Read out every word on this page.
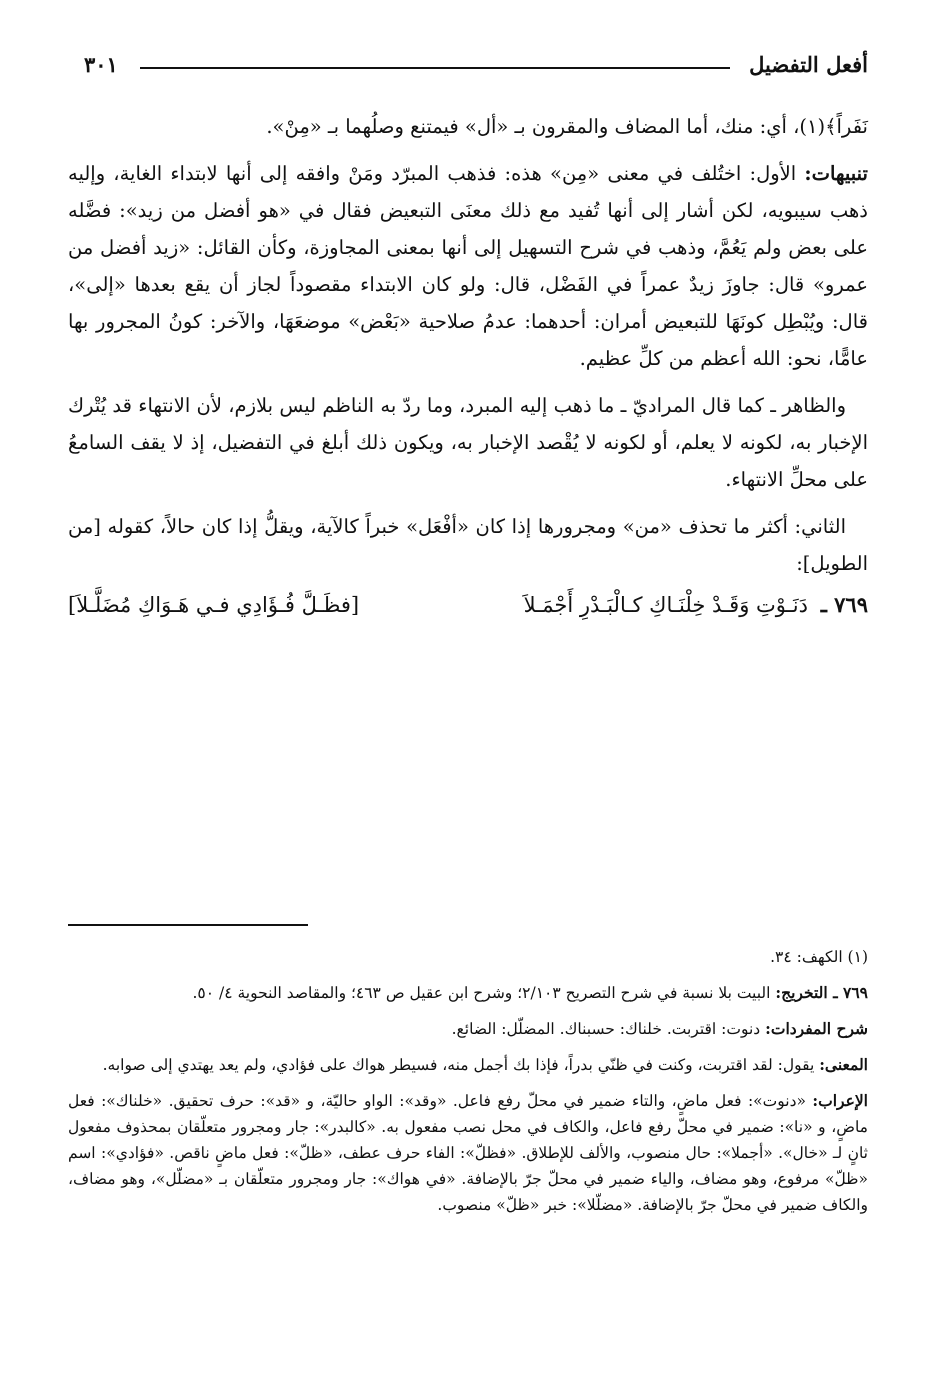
أفعل التفضيل
٣٠١

نَفَراً﴾(١)، أي: منك، أما المضاف والمقرون بـ «أل» فيمتنع وصلُهما بـ «مِنْ».

تنبيهات: الأول: اختُلف في معنى «مِن» هذه: فذهب المبرّد ومَنْ وافقه إلى أنها لابتداء الغاية، وإليه ذهب سيبويه، لكن أشار إلى أنها تُفيد مع ذلك معنَى التبعيض فقال في «هو أفضل من زيد»: فضَّله على بعض ولم يَعُمَّ، وذهب في شرح التسهيل إلى أنها بمعنى المجاوزة، وكأن القائل: «زيد أفضل من عمرو» قال: جاوزَ زيدٌ عمراً في الفَضْل، قال: ولو كان الابتداء مقصوداً لجاز أن يقع بعدها «إلى»، قال: ويُبْطِل كونَهَا للتبعيض أمران: أحدهما: عدمُ صلاحية «بَعْض» موضعَهَا، والآخر: كونُ المجرور بها عامًّا، نحو: الله أعظم من كلِّ عظيم.

والظاهر ـ كما قال المراديّ ـ ما ذهب إليه المبرد، وما ردّ به الناظم ليس بلازم، لأن الانتهاء قد يُتْرك الإخبار به، لكونه لا يعلم، أو لكونه لا يُقْصد الإخبار به، ويكون ذلك أبلغ في التفضيل، إذ لا يقف السامعُ على محلِّ الانتهاء.

الثاني: أكثر ما تحذف «من» ومجرورها إذا كان «أفْعَل» خبراً كالآية، ويقلُّ إذا كان حالاً، كقوله [من الطويل]:

٧٦٩ ـ دَنَـوْتِ وَقَـدْ خِلْنَـاكِ كـالْبَـدْرِ أَجْمَـلاَ
[فظَـلَّ فُـؤَادِي فـي هَـوَاكِ مُضَلَّـلاَ]

(١) الكهف: ٣٤.

٧٦٩ ـ التخريج: البيت بلا نسبة في شرح التصريح ٢/١٠٣؛ وشرح ابن عقيل ص ٤٦٣؛ والمقاصد النحوية ٤/ ٥٠.

شرح المفردات: دنوت: اقتربت. خلناك: حسبناك. المضلّل: الضائع.

المعنى: يقول: لقد اقتربت، وكنت في ظنّي بدراً، فإذا بك أجمل منه، فسيطر هواك على فؤادي، ولم يعد يهتدي إلى صوابه.

الإعراب: «دنوت»: فعل ماضٍ، والتاء ضمير في محلّ رفع فاعل. «وقد»: الواو حاليّة، و «قد»: حرف تحقيق. «خلناك»: فعل ماضٍ، و «نا»: ضمير في محلّ رفع فاعل، والكاف في محل نصب مفعول به. «كالبدر»: جار ومجرور متعلّقان بمحذوف مفعول ثانٍ لـ «خال». «أجملا»: حال منصوب، والألف للإطلاق. «فظلّ»: الفاء حرف عطف، «ظلّ»: فعل ماضٍ ناقص. «فؤادي»: اسم «ظلّ» مرفوع، وهو مضاف، والياء ضمير في محلّ جرّ بالإضافة. «في هواك»: جار ومجرور متعلّقان بـ «مضلّل»، وهو مضاف، والكاف ضمير في محلّ جرّ بالإضافة. «مضلّلا»: خبر «ظلّ» منصوب.
